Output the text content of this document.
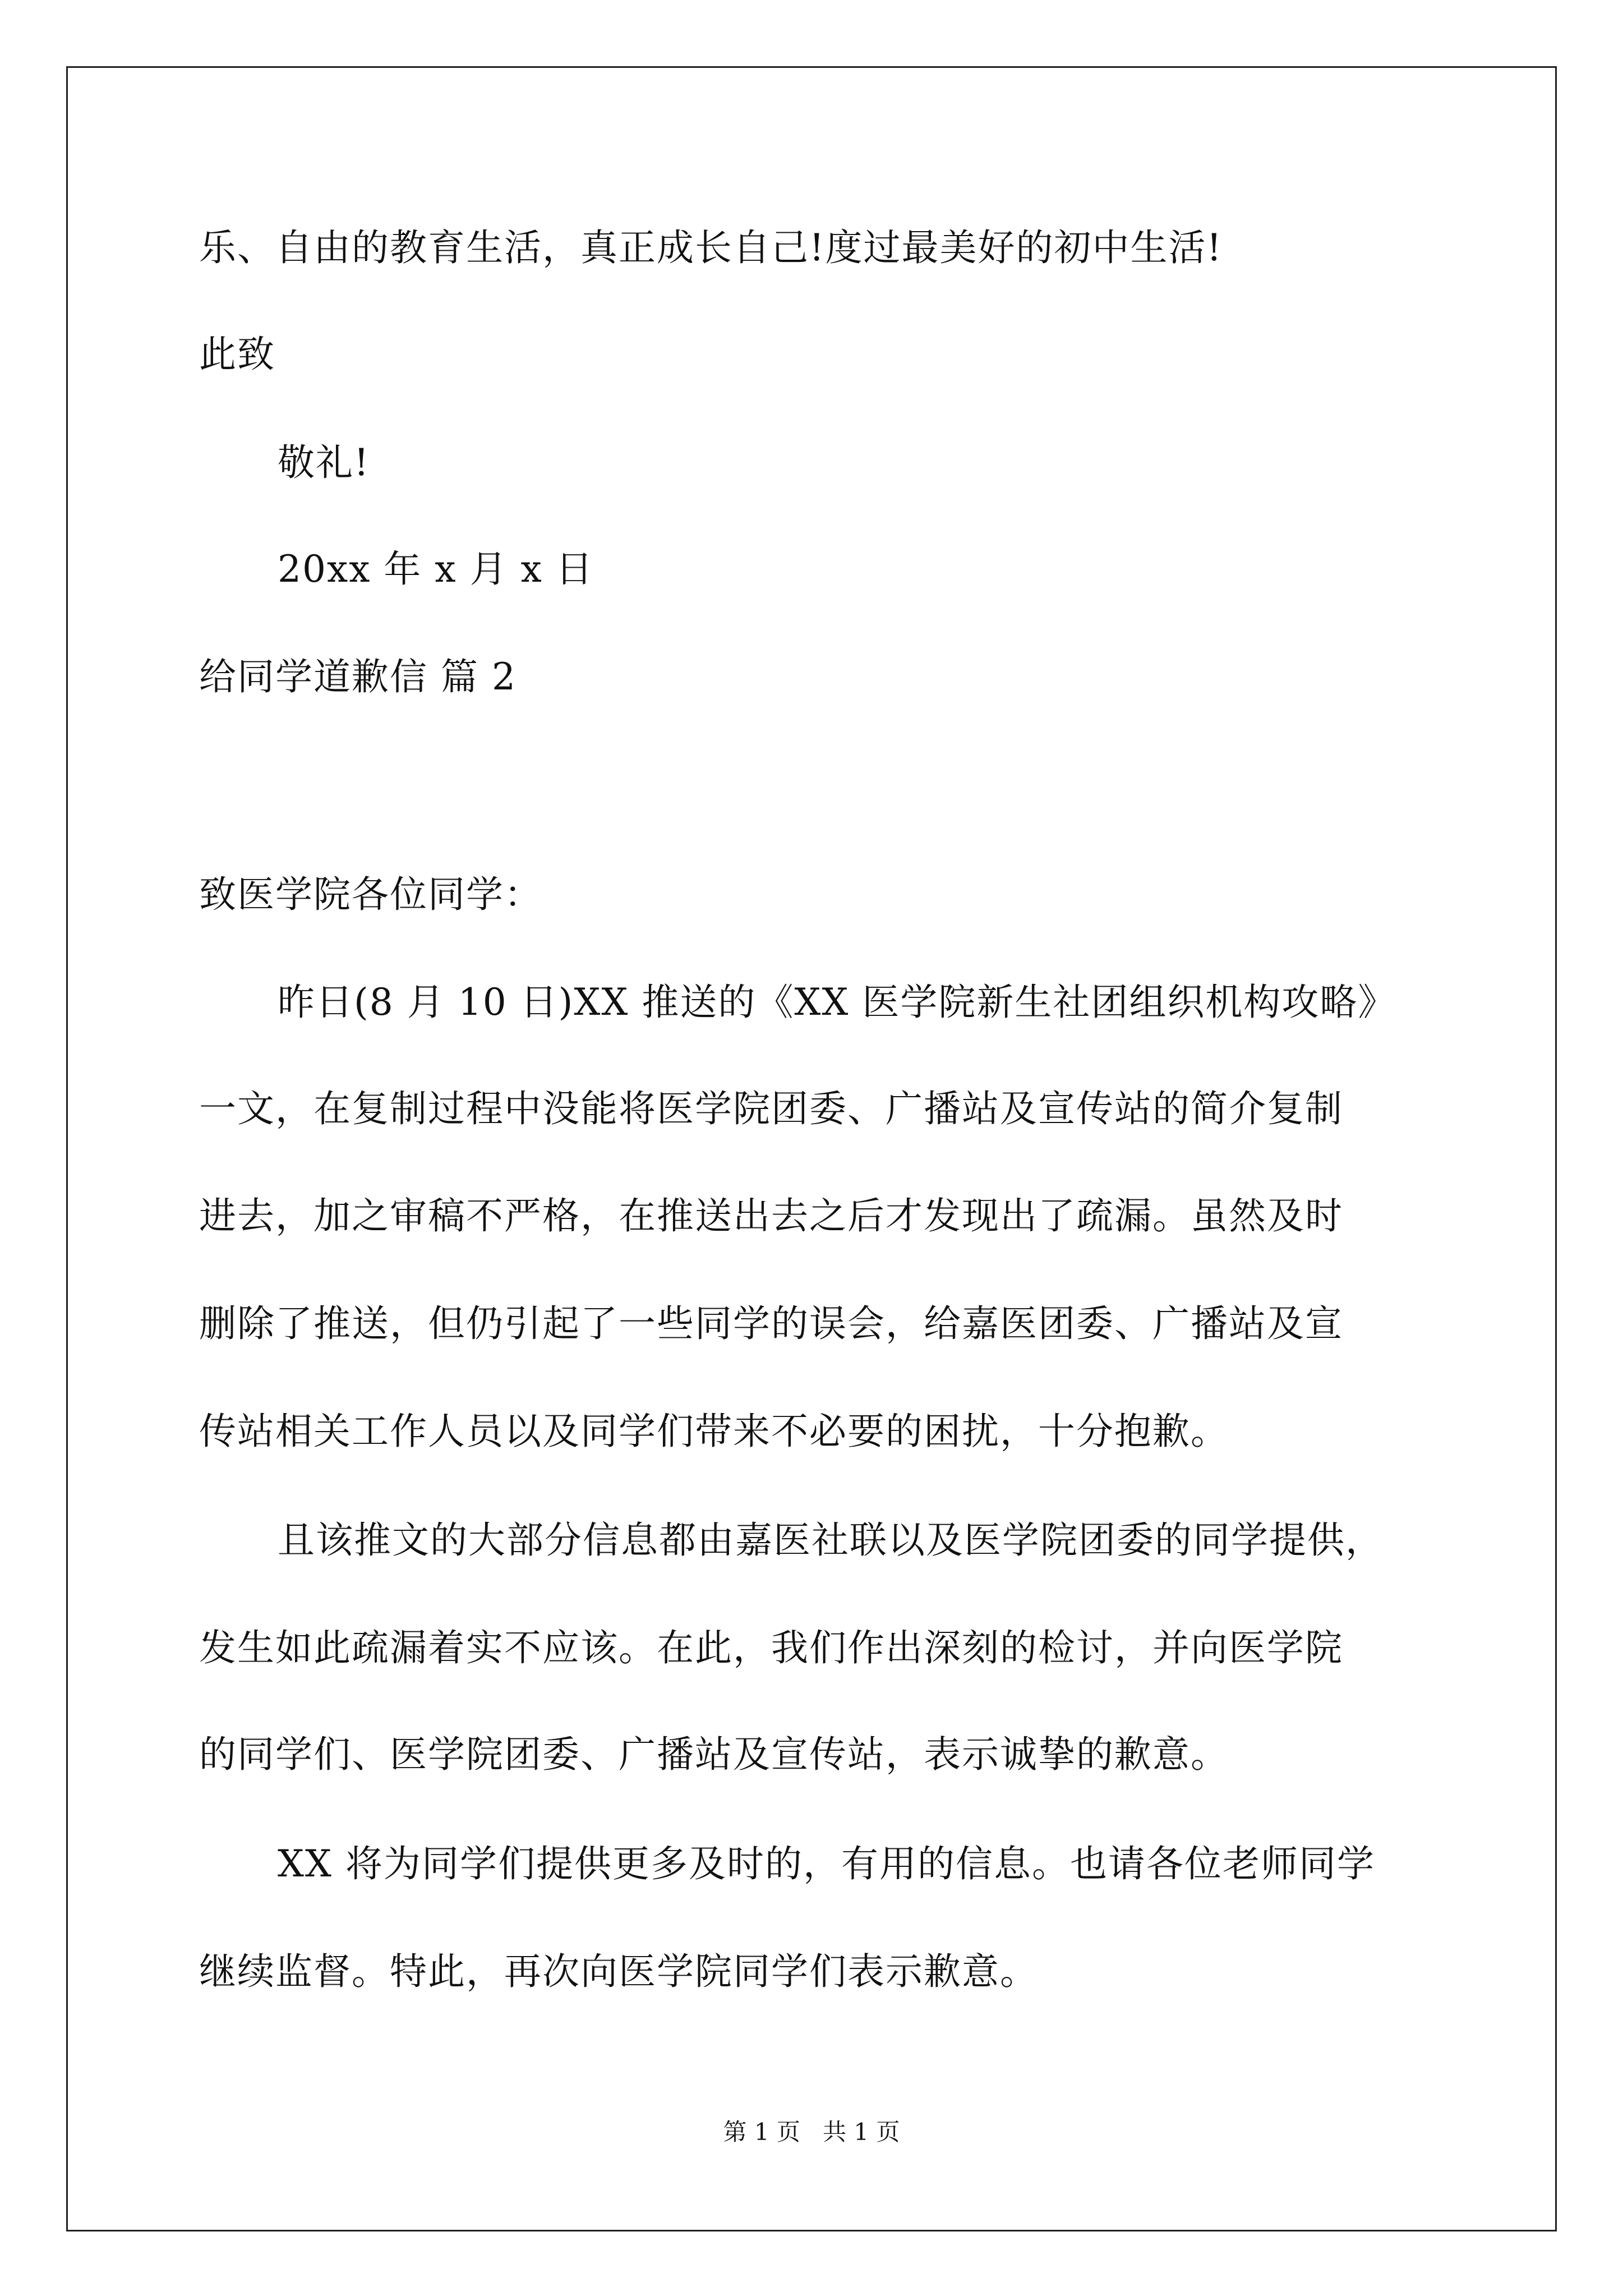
乐、自由的教育生活，真正成长自己!度过最美好的初中生活!

此致

敬礼!

20xx 年 x 月 x 日

给同学道歉信 篇 2

致医学院各位同学：

昨日(8 月 10 日)XX 推送的《XX 医学院新生社团组织机构攻略》

一文，在复制过程中没能将医学院团委、广播站及宣传站的简介复制

进去，加之审稿不严格，在推送出去之后才发现出了疏漏。虽然及时

删除了推送，但仍引起了一些同学的误会，给嘉医团委、广播站及宣

传站相关工作人员以及同学们带来不必要的困扰，十分抱歉。

且该推文的大部分信息都由嘉医社联以及医学院团委的同学提供，

发生如此疏漏着实不应该。在此，我们作出深刻的检讨，并向医学院

的同学们、医学院团委、广播站及宣传站，表示诚挚的歉意。

XX 将为同学们提供更多及时的，有用的信息。也请各位老师同学

继续监督。特此，再次向医学院同学们表示歉意。

第 1 页   共 1 页
